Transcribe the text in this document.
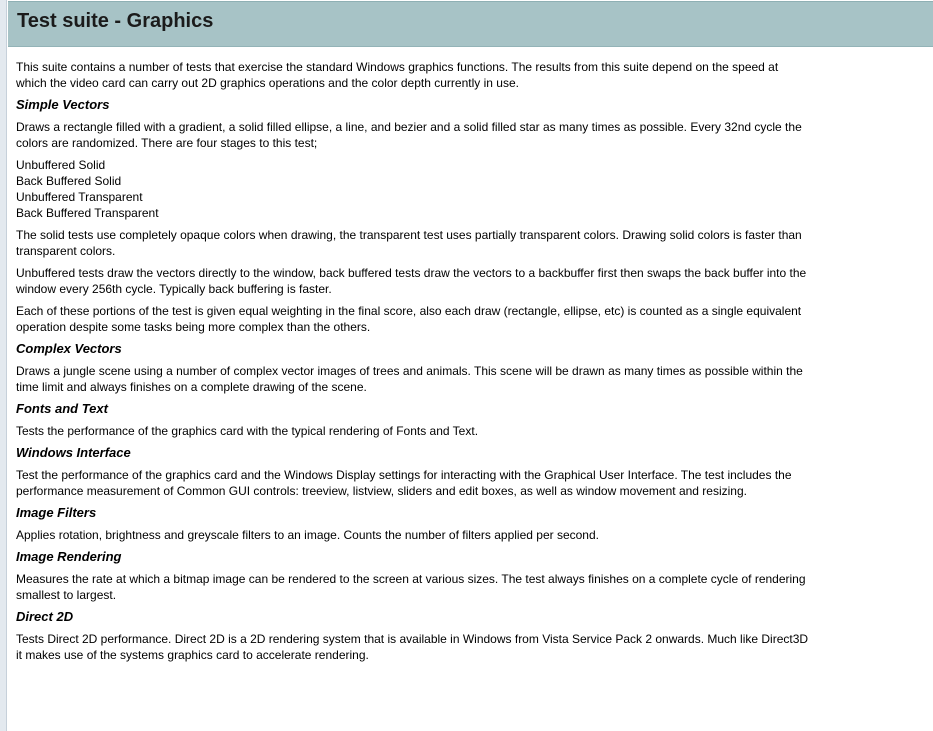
Test suite - Graphics

This suite contains a number of tests that exercise the standard Windows graphics functions. The results from this suite depend on the speed at which the video card can carry out 2D graphics operations and the color depth currently in use.

Simple Vectors

Draws a rectangle filled with a gradient, a solid filled ellipse, a line, and bezier and a solid filled star as many times as possible. Every 32nd cycle the colors are randomized. There are four stages to this test;

Unbuffered Solid
Back Buffered Solid
Unbuffered Transparent
Back Buffered Transparent

The solid tests use completely opaque colors when drawing, the transparent test uses partially transparent colors. Drawing solid colors is faster than transparent colors.

Unbuffered tests draw the vectors directly to the window, back buffered tests draw the vectors to a backbuffer first then swaps the back buffer into the window every 256th cycle. Typically back buffering is faster.

Each of these portions of the test is given equal weighting in the final score, also each draw (rectangle, ellipse, etc) is counted as a single equivalent operation despite some tasks being more complex than the others.

Complex Vectors

Draws a jungle scene using a number of complex vector images of trees and animals. This scene will be drawn as many times as possible within the time limit and always finishes on a complete drawing of the scene.

Fonts and Text

Tests the performance of the graphics card with the typical rendering of Fonts and Text.

Windows Interface

Test the performance of the graphics card and the Windows Display settings for interacting with the Graphical User Interface. The test includes the performance measurement of Common GUI controls: treeview, listview, sliders and edit boxes, as well as window movement and resizing.

Image Filters

Applies rotation, brightness and greyscale filters to an image. Counts the number of filters applied per second.

Image Rendering

Measures the rate at which a bitmap image can be rendered to the screen at various sizes. The test always finishes on a complete cycle of rendering smallest to largest.

Direct 2D

Tests Direct 2D performance. Direct 2D is a 2D rendering system that is available in Windows from Vista Service Pack 2 onwards. Much like Direct3D it makes use of the systems graphics card to accelerate rendering.
